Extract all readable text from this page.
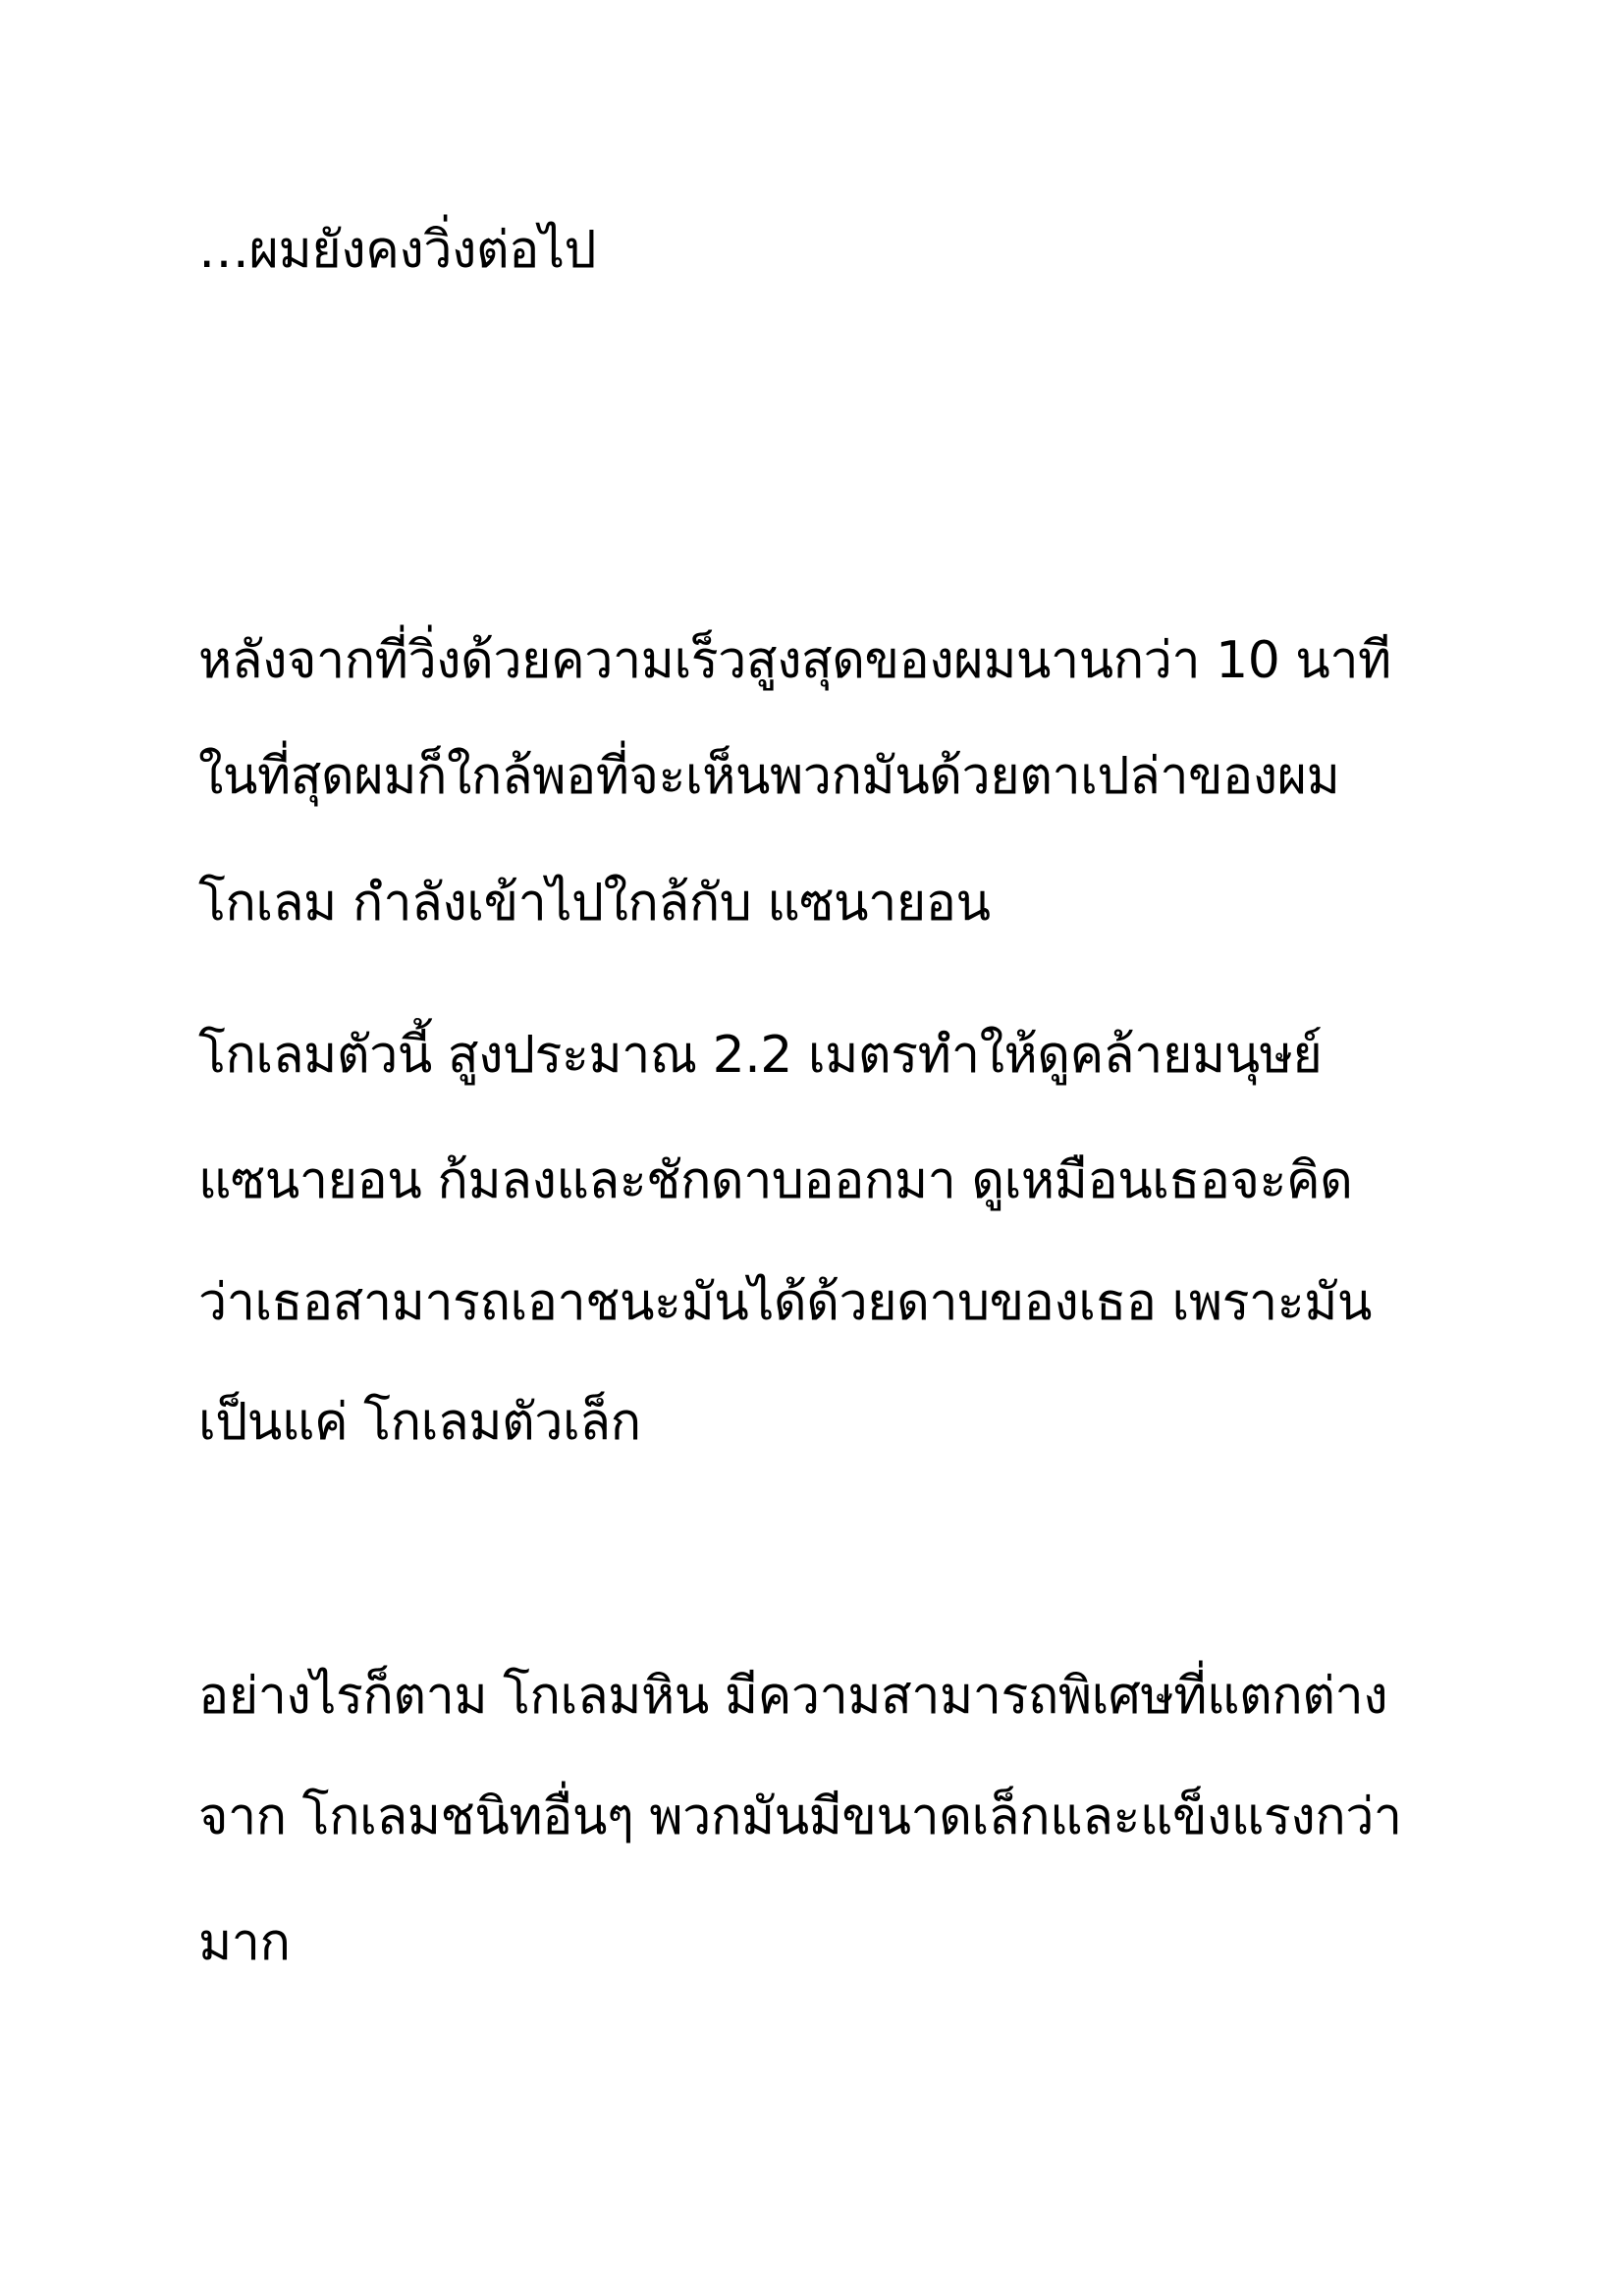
…ผมยังคงวิ่งต่อไป
หลังจากที่วิ่งด้วยความเร็วสูงสุดของผมนานกว่า 10 นาที
ในที่สุดผมก็ใกล้พอที่จะเห็นพวกมันด้วยตาเปล่าของผม
โกเลม กำลังเข้าไปใกล้กับ แซนายอน
โกเลมตัวนี้ สูงประมาณ 2.2 เมตรทำให้ดูคล้ายมนุษย์
แซนายอน ก้มลงและชักดาบออกมา ดูเหมือนเธอจะคิด
ว่าเธอสามารถเอาชนะมันได้ด้วยดาบของเธอ เพราะมัน
เป็นแค่ โกเลมตัวเล็ก
อย่างไรก็ตาม โกเลมหิน มีความสามารถพิเศษที่แตกต่าง
จาก โกเลมชนิทอื่นๆ พวกมันมีขนาดเล็กและแข็งแรงกว่า
มาก
